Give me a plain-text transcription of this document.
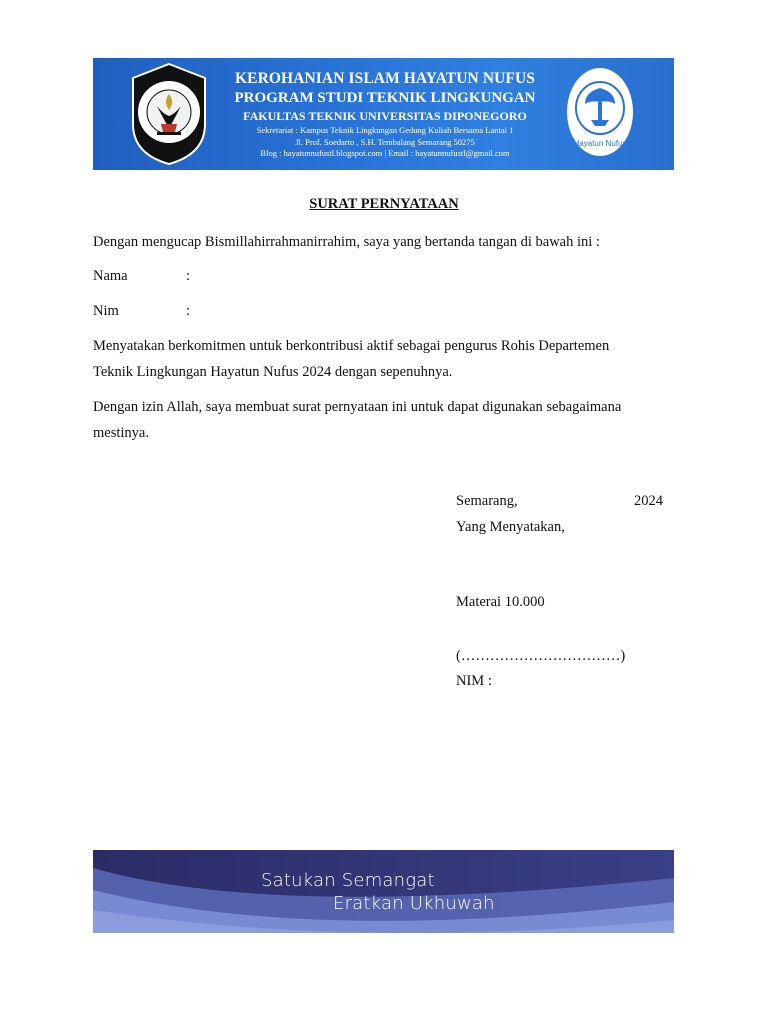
KEROHANIAN ISLAM HAYATUN NUFUS
PROGRAM STUDI TEKNIK LINGKUNGAN
FAKULTAS TEKNIK UNIVERSITAS DIPONEGORO
Sekretariat : Kampus Teknik Lingkungan Gedung Kuliah Bersama Lantai 1
Jl. Prof. Soedarto , S.H. Tembalang Semarang 50275
Blog : hayatunnufustl.blogspot.com | Email : hayatunnufustl@gmail.com
Hayatun Nufus
SURAT PERNYATAAN
Dengan mengucap Bismillahirrahmanirrahim, saya yang bertanda tangan di bawah ini :
Nama	:
Nim	:
Menyatakan berkomitmen untuk berkontribusi aktif sebagai pengurus Rohis Departemen
Teknik Lingkungan Hayatun Nufus 2024 dengan sepenuhnya.
Dengan izin Allah, saya membuat surat pernyataan ini untuk dapat digunakan sebagaimana
mestinya.
Semarang,	2024
Yang Menyatakan,
Materai 10.000
(……………………………)
NIM :
Satukan Semangat
Eratkan Ukhuwah
